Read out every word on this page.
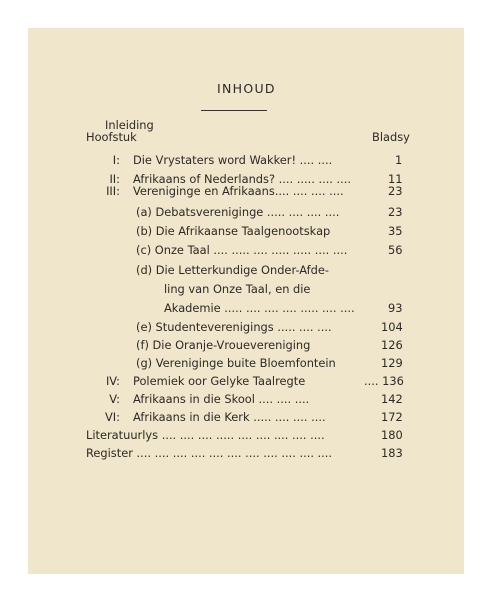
INHOUD
Inleiding
Hoofstuk	Bladsy
I: Die Vrystaters word Wakker! .... ....	1
II: Afrikaans of Nederlands? .... ..... .... ....	11
III: Vereniginge en Afrikaans.... .... .... ....	23
(a) Debatsvereniginge ..... .... .... ....	23
(b) Die Afrikaanse Taalgenootskap	35
(c) Onze Taal .... ..... .... ..... ..... .... ....	56
(d) Die Letterkundige Onder-Afde-
ling van Onze Taal, en die
Akademie ..... .... .... .... ..... .... ....	93
(e) Studenteverenigings ..... .... ....	104
(f) Die Oranje-Vrouevereniging	126
(g) Vereniginge buite Bloemfontein	129
IV: Polemiek oor Gelyke Taalregte	.... 136
V: Afrikaans in die Skool .... .... ....	142
VI: Afrikaans in die Kerk ..... .... .... ....	172
Literatuurlys .... .... .... ..... .... .... .... .... ....	180
Register .... .... .... .... .... .... .... .... .... .... ....	183
